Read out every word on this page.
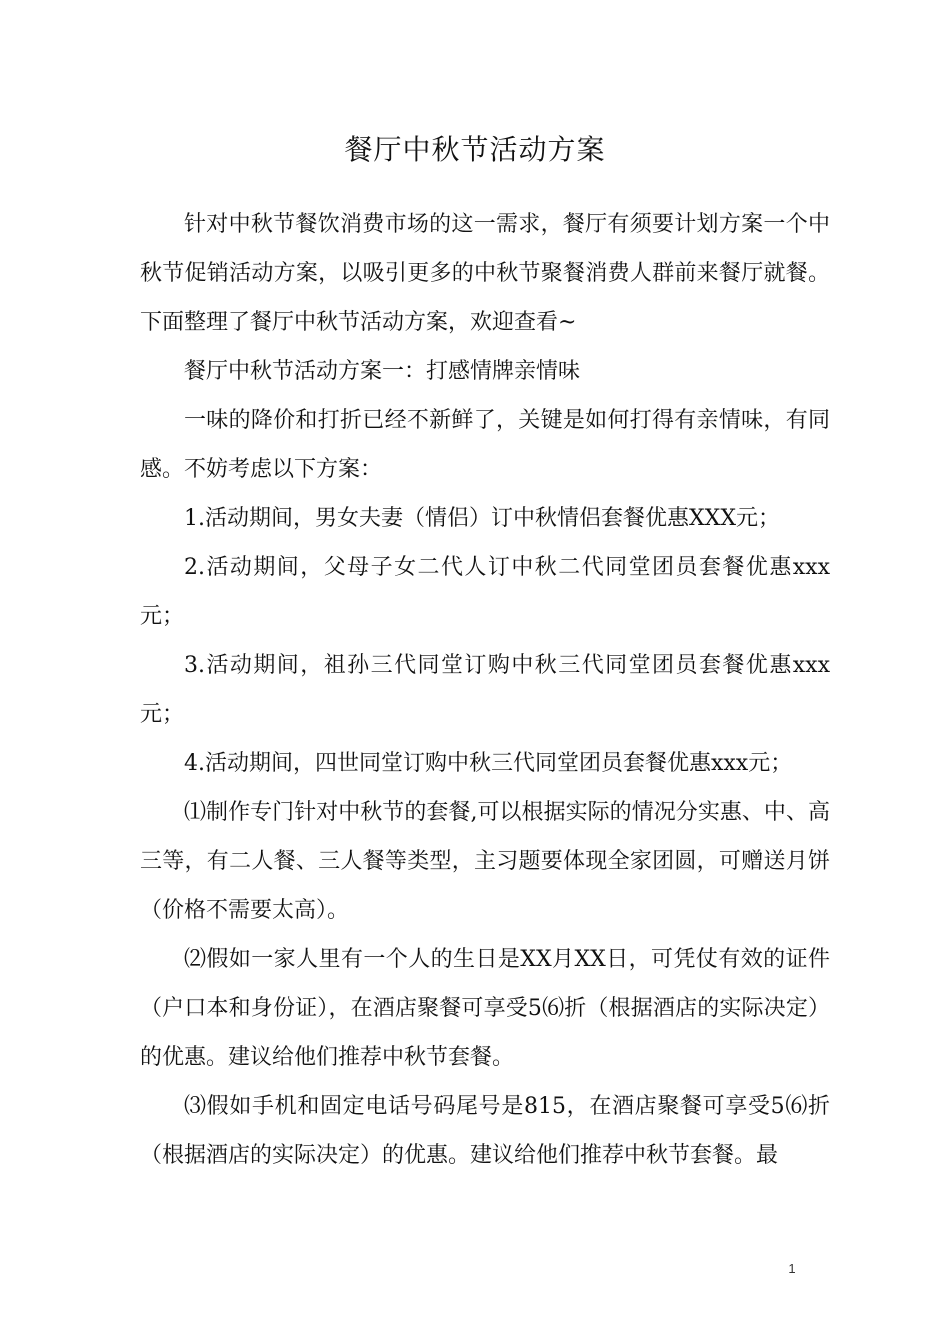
餐厅中秋节活动方案

针对中秋节餐饮消费市场的这一需求，餐厅有须要计划方案一个中秋节促销活动方案，以吸引更多的中秋节聚餐消费人群前来餐厅就餐。下面整理了餐厅中秋节活动方案，欢迎查看~

餐厅中秋节活动方案一：打感情牌亲情味

一味的降价和打折已经不新鲜了，关键是如何打得有亲情味，有同感。不妨考虑以下方案：

1.活动期间，男女夫妻（情侣）订中秋情侣套餐优惠XXX元；

2.活动期间，父母子女二代人订中秋二代同堂团员套餐优惠xxx元；

3.活动期间，祖孙三代同堂订购中秋三代同堂团员套餐优惠xxx元；

4.活动期间，四世同堂订购中秋三代同堂团员套餐优惠xxx元；

⑴制作专门针对中秋节的套餐,可以根据实际的情况分实惠、中、高三等，有二人餐、三人餐等类型，主习题要体现全家团圆，可赠送月饼（价格不需要太高）。

⑵假如一家人里有一个人的生日是XX月XX日，可凭仗有效的证件（户口本和身份证），在酒店聚餐可享受5⑹折（根据酒店的实际决定）的优惠。建议给他们推荐中秋节套餐。

⑶假如手机和固定电话号码尾号是815，在酒店聚餐可享受5⑹折（根据酒店的实际决定）的优惠。建议给他们推荐中秋节套餐。最

1
